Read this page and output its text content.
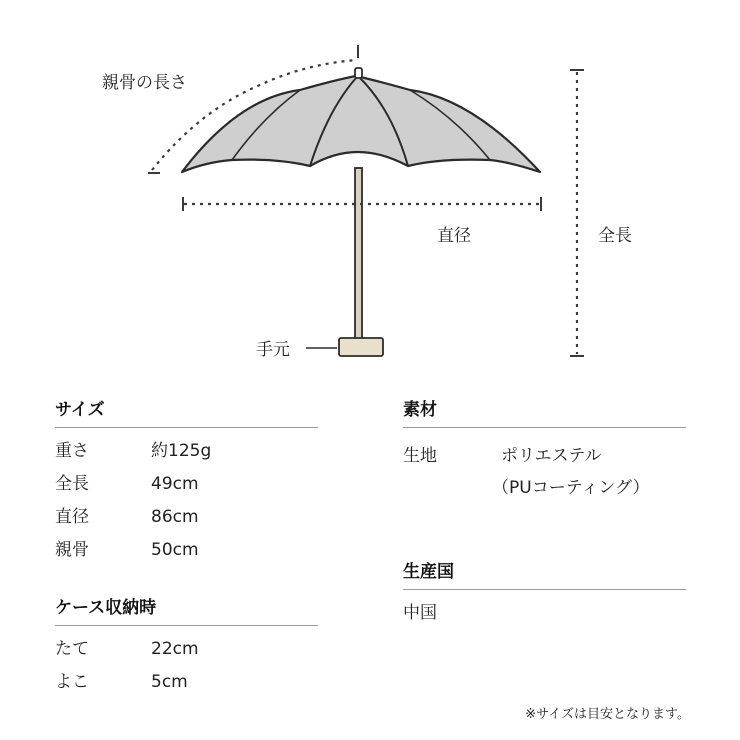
親骨の長さ
直径	全長
手元
サイズ
重さ	約125g
全長	49cm
直径	86cm
親骨	50cm
ケース収納時
たて	22cm
よこ	5cm
素材
生地	ポリエステル
（PUコーティング）
生産国
中国
※サイズは目安となります。
